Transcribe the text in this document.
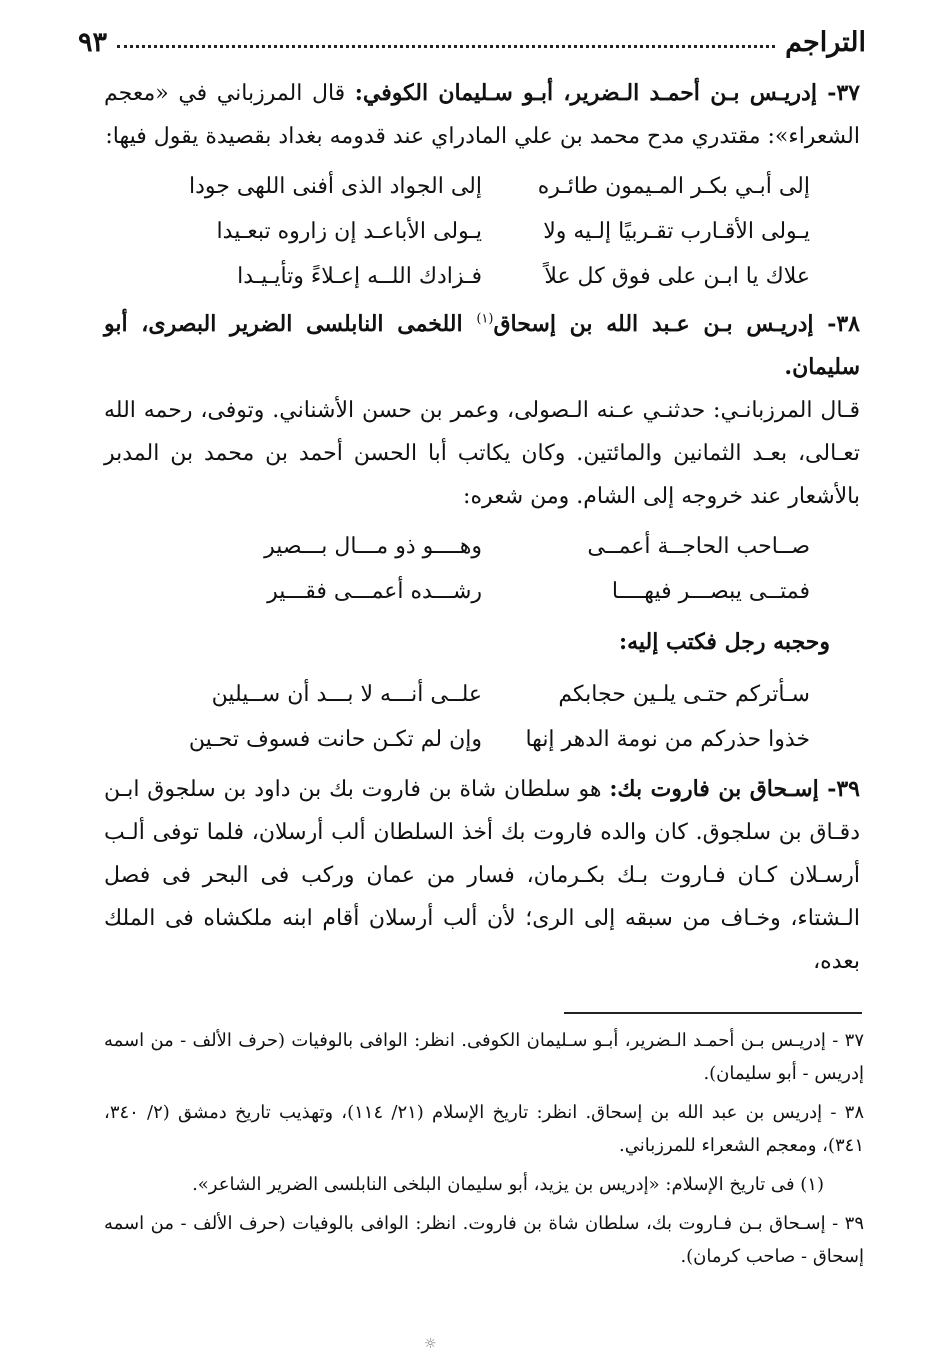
التراجم
٩٣

٣٧- إدريـس بـن أحمـد الـضرير، أبـو سـليمان الكوفي: قال المرزباني في «معجم الشعراء»: مقتدري مدح محمد بن علي المادراي عند قدومه بغداد بقصيدة يقول فيها:

إلى أبـي بكـر المـيمون طائـره
إلى الجواد الذى أفنى اللهى جودا
يـولى الأقـارب تقـربيًا إلـيه ولا
يـولى الأباعـد إن زاروه تبعـيدا
علاك يا ابـن على فوق كل علاً
فـزادك اللــه إعـلاءً وتأيـيـدا

٣٨- إدريـس بـن عـبد الله بن إسحاق$^{(١)}$ اللخمى النابلسى الضرير البصرى، أبو سليمان.

قـال المرزبانـي: حدثنـي عـنه الـصولى، وعمر بن حسن الأشناني. وتوفى، رحمه الله تعـالى، بعـد الثمانين والمائتين. وكان يكاتب أبا الحسن أحمد بن محمد بن المدبر بالأشعار عند خروجه إلى الشام. ومن شعره:

صــاحب الحاجــة أعمــى
وهــــو ذو مـــال بـــصير
فمتــى يبصـــر فيهــــا
رشـــده أعمـــى فقـــير
وحجبه رجل فكتب إليه:
سـأتركم حتـى يلـين حجابكم
علــى أنـــه لا بـــد أن ســيلين
خذوا حذركم من نومة الدهر إنها
وإن لم تكـن حانت فسوف تحـين

٣٩- إسـحاق بن فاروت بك: هو سلطان شاة بن فاروت بك بن داود بن سلجوق ابـن دقـاق بن سلجوق. كان والده فاروت بك أخذ السلطان ألب أرسلان، فلما توفى ألـب أرسـلان كـان فـاروت بـك بكـرمان، فسار من عمان وركب فى البحر فى فصل الـشتاء، وخـاف من سبقه إلى الرى؛ لأن ألب أرسلان أقام ابنه ملكشاه فى الملك بعده،

٣٧ - إدريـس بـن أحمـد الـضرير، أبـو سـليمان الكوفى. انظر: الوافى بالوفيات (حرف الألف - من اسمه إدريس - أبو سليمان).

٣٨ - إدريس بن عبد الله بن إسحاق. انظر: تاريخ الإسلام (٢١/ ١١٤)، وتهذيب تاريخ دمشق (٢/ ٣٤٠، ٣٤١)، ومعجم الشعراء للمرزباني.

(١) فى تاريخ الإسلام: «إدريس بن يزيد، أبو سليمان البلخى النابلسى الضرير الشاعر».

٣٩ - إسـحاق بـن فـاروت بك، سلطان شاة بن فاروت. انظر: الوافى بالوفيات (حرف الألف - من اسمه إسحاق - صاحب كرمان).

☼
